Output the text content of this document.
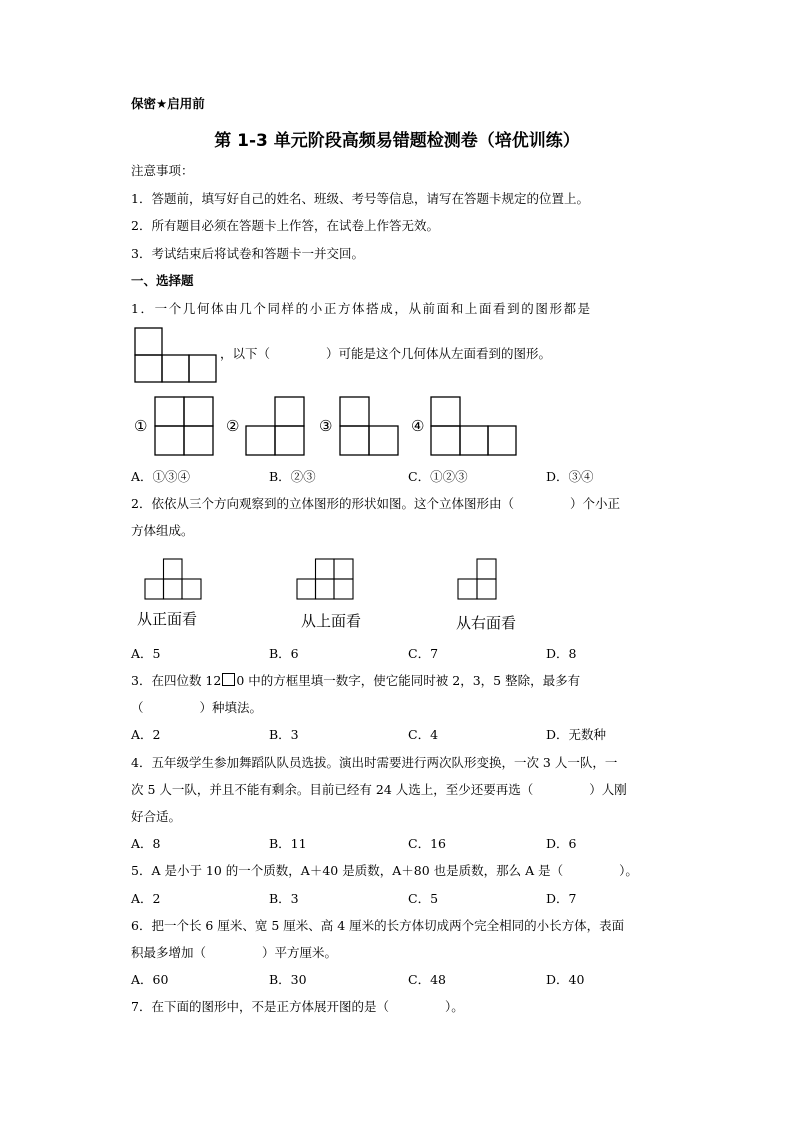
保密★启用前
第 1-3 单元阶段高频易错题检测卷（培优训练）
注意事项：
1．答题前，填写好自己的姓名、班级、考号等信息，请写在答题卡规定的位置上。
2．所有题目必须在答题卡上作答，在试卷上作答无效。
3．考试结束后将试卷和答题卡一并交回。
一、选择题
1．一个几何体由几个同样的小正方体搭成，从前面和上面看到的图形都是
，以下（	）可能是这个几何体从左面看到的图形。
①	②	③	④
A．①③④	B．②③	C．①②③	D．③④
2．依依从三个方向观察到的立体图形的形状如图。这个立体图形由（	）个小正
方体组成。
从正面看	从上面看	从右面看
A．5	B．6	C．7	D．8
3．在四位数 12 0 中的方框里填一数字，使它能同时被 2，3，5 整除，最多有
（	）种填法。
A．2	B．3	C．4	D．无数种
4．五年级学生参加舞蹈队队员选拔。演出时需要进行两次队形变换，一次 3 人一队，一
次 5 人一队，并且不能有剩余。目前已经有 24 人选上，至少还要再选（	）人刚
好合适。
A．8	B．11	C．16	D．6
5．A 是小于 10 的一个质数，A＋40 是质数，A＋80 也是质数，那么 A 是（	）。
A．2	B．3	C．5	D．7
6．把一个长 6 厘米、宽 5 厘米、高 4 厘米的长方体切成两个完全相同的小长方体，表面
积最多增加（	）平方厘米。
A．60	B．30	C．48	D．40
7．在下面的图形中，不是正方体展开图的是（	）。
